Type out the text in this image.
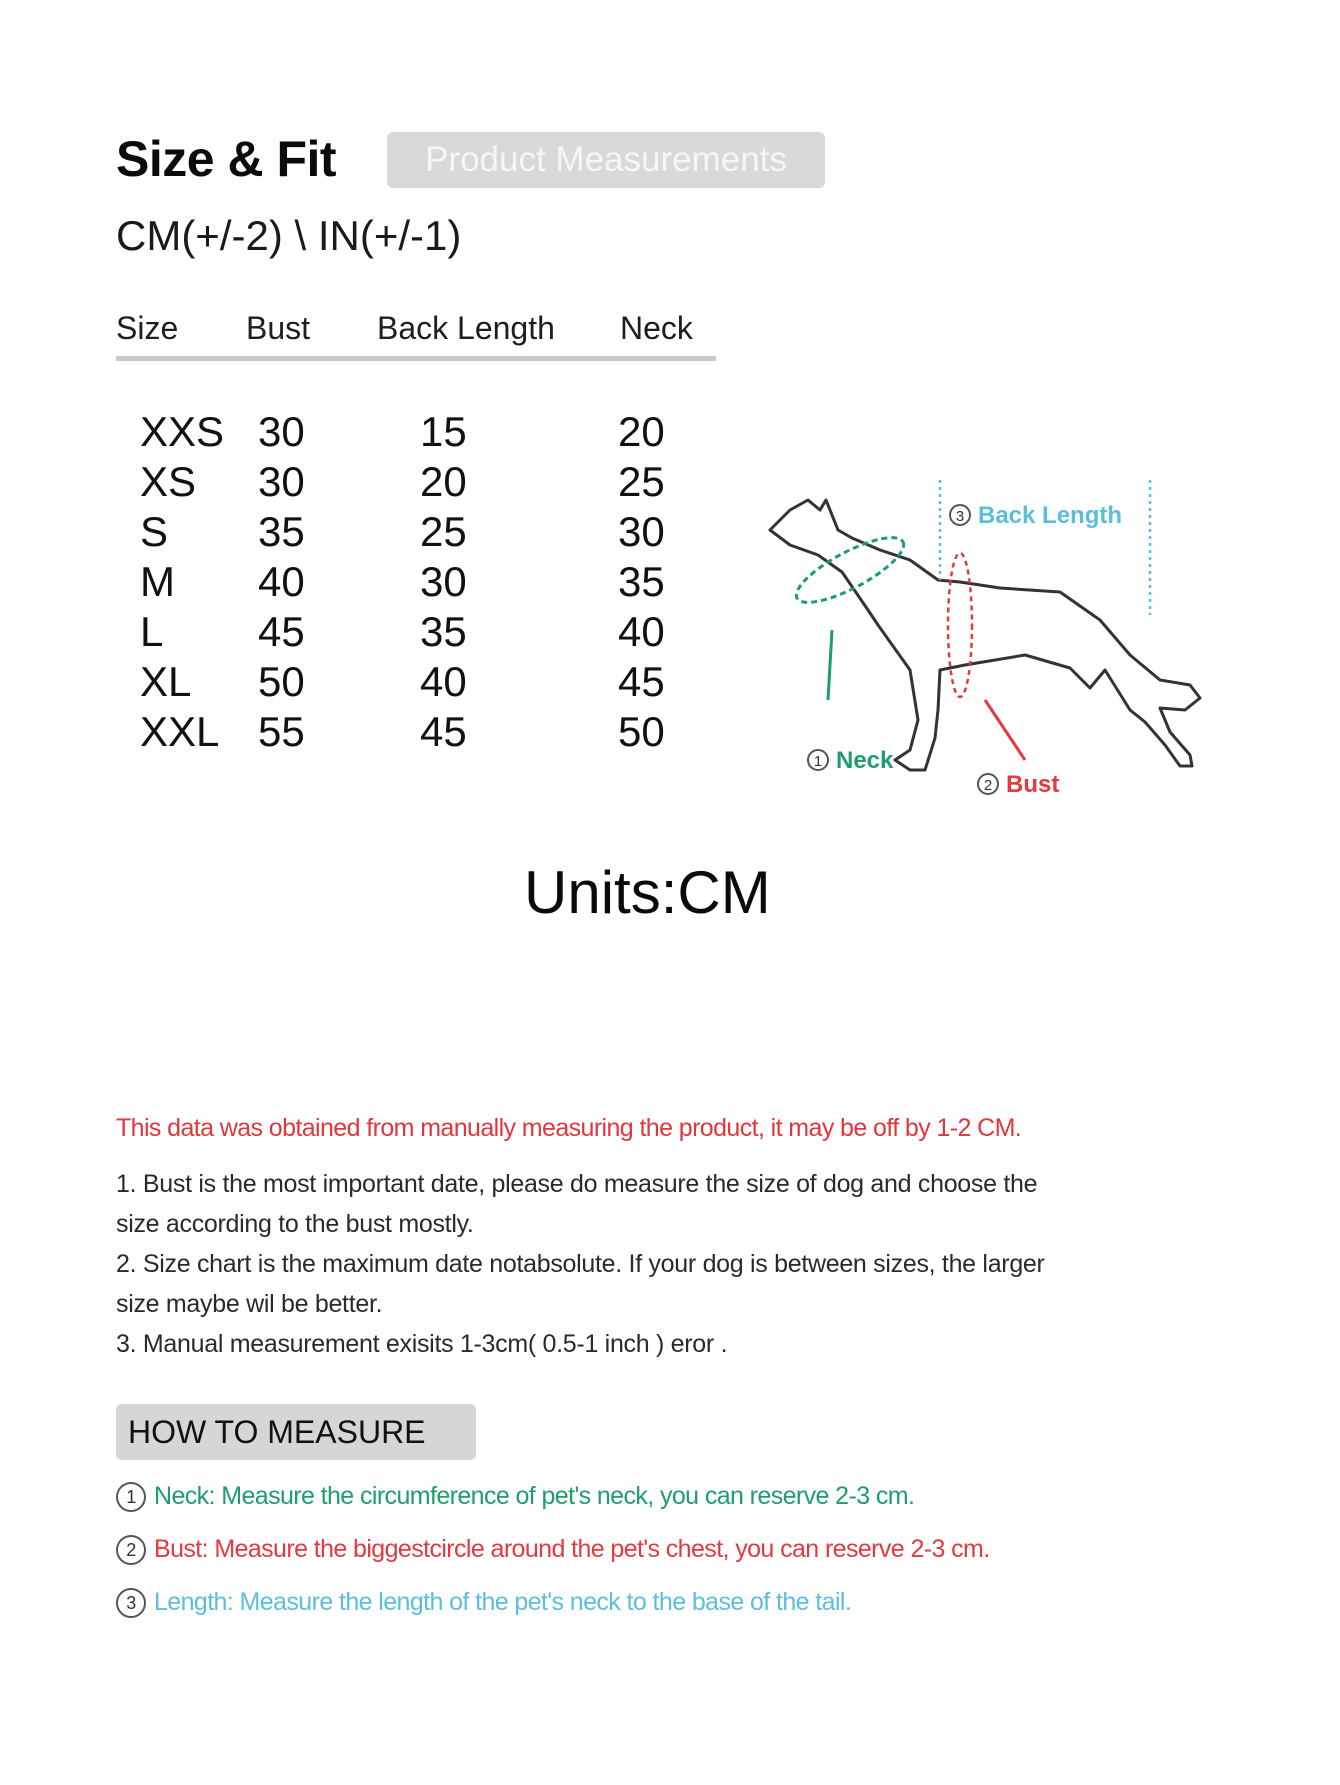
Size & Fit	Product Measurements
CM(+/-2) \ IN(+/-1)
Size Bust Back Length Neck
XXS 30	15	20
XS 30	20	25
S 35	25	30
M 40	30	35
L 45	35	40
XL 50	40	45
XXL 55	45	50
3 Back Length
1 Neck
2 Bust
Units:CM
This data was obtained from manually measuring the product, it may be off by 1-2 CM.
1. Bust is the most important date, please do measure the size of dog and choose the
size according to the bust mostly.
2. Size chart is the maximum date notabsolute. If your dog is between sizes, the larger
size maybe wil be better.
3. Manual measurement exisits 1-3cm( 0.5-1 inch ) eror .
HOW TO MEASURE
1 Neck: Measure the circumference of pet's neck, you can reserve 2-3 cm.
2 Bust: Measure the biggestcircle around the pet's chest, you can reserve 2-3 cm.
3 Length: Measure the length of the pet's neck to the base of the tail.
